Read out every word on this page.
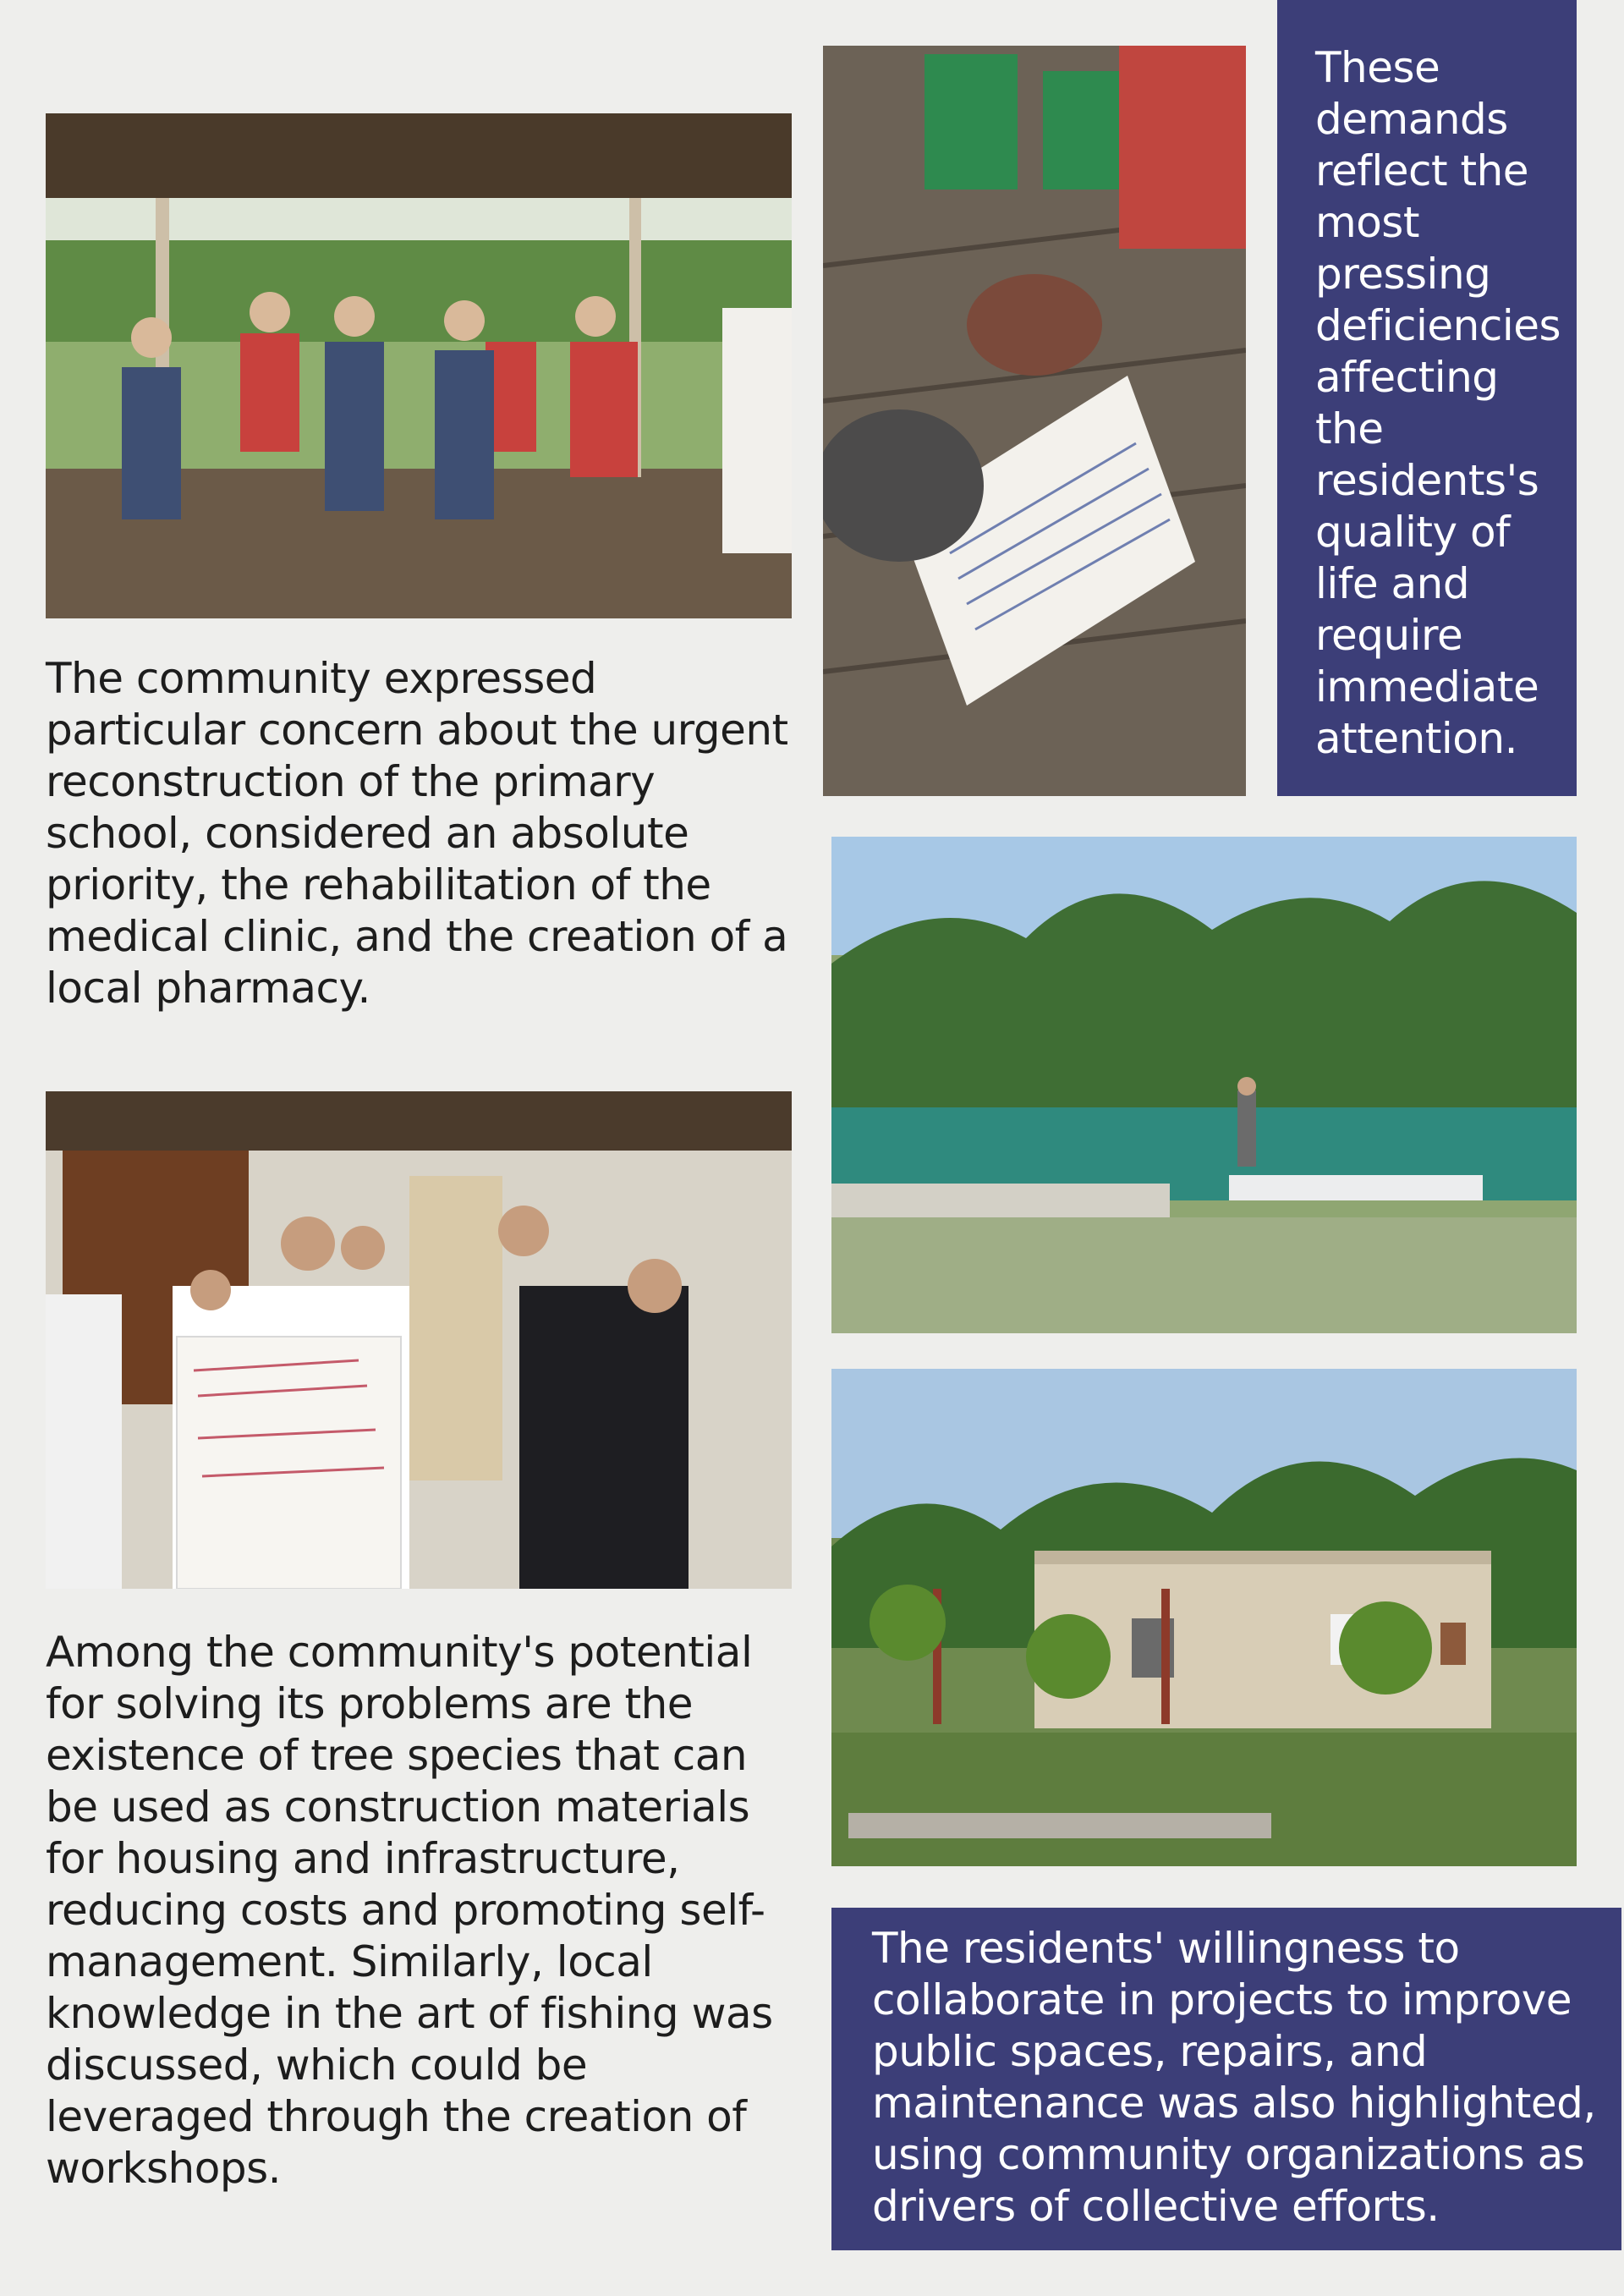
These demands reflect the most pressing deficiencies affecting the residents's quality of life and require immediate attention.

The community expressed particular concern about the urgent reconstruction of the primary school, considered an absolute priority, the rehabilitation of the medical clinic, and the creation of a local pharmacy.

Among the community's potential for solving its problems are the existence of tree species that can be used as construction materials for housing and infrastructure, reducing costs and promoting self-management. Similarly, local knowledge in the art of fishing was discussed, which could be leveraged through the creation of workshops.

The residents' willingness to collaborate in projects to improve public spaces, repairs, and maintenance was also highlighted, using community organizations as drivers of collective efforts.
